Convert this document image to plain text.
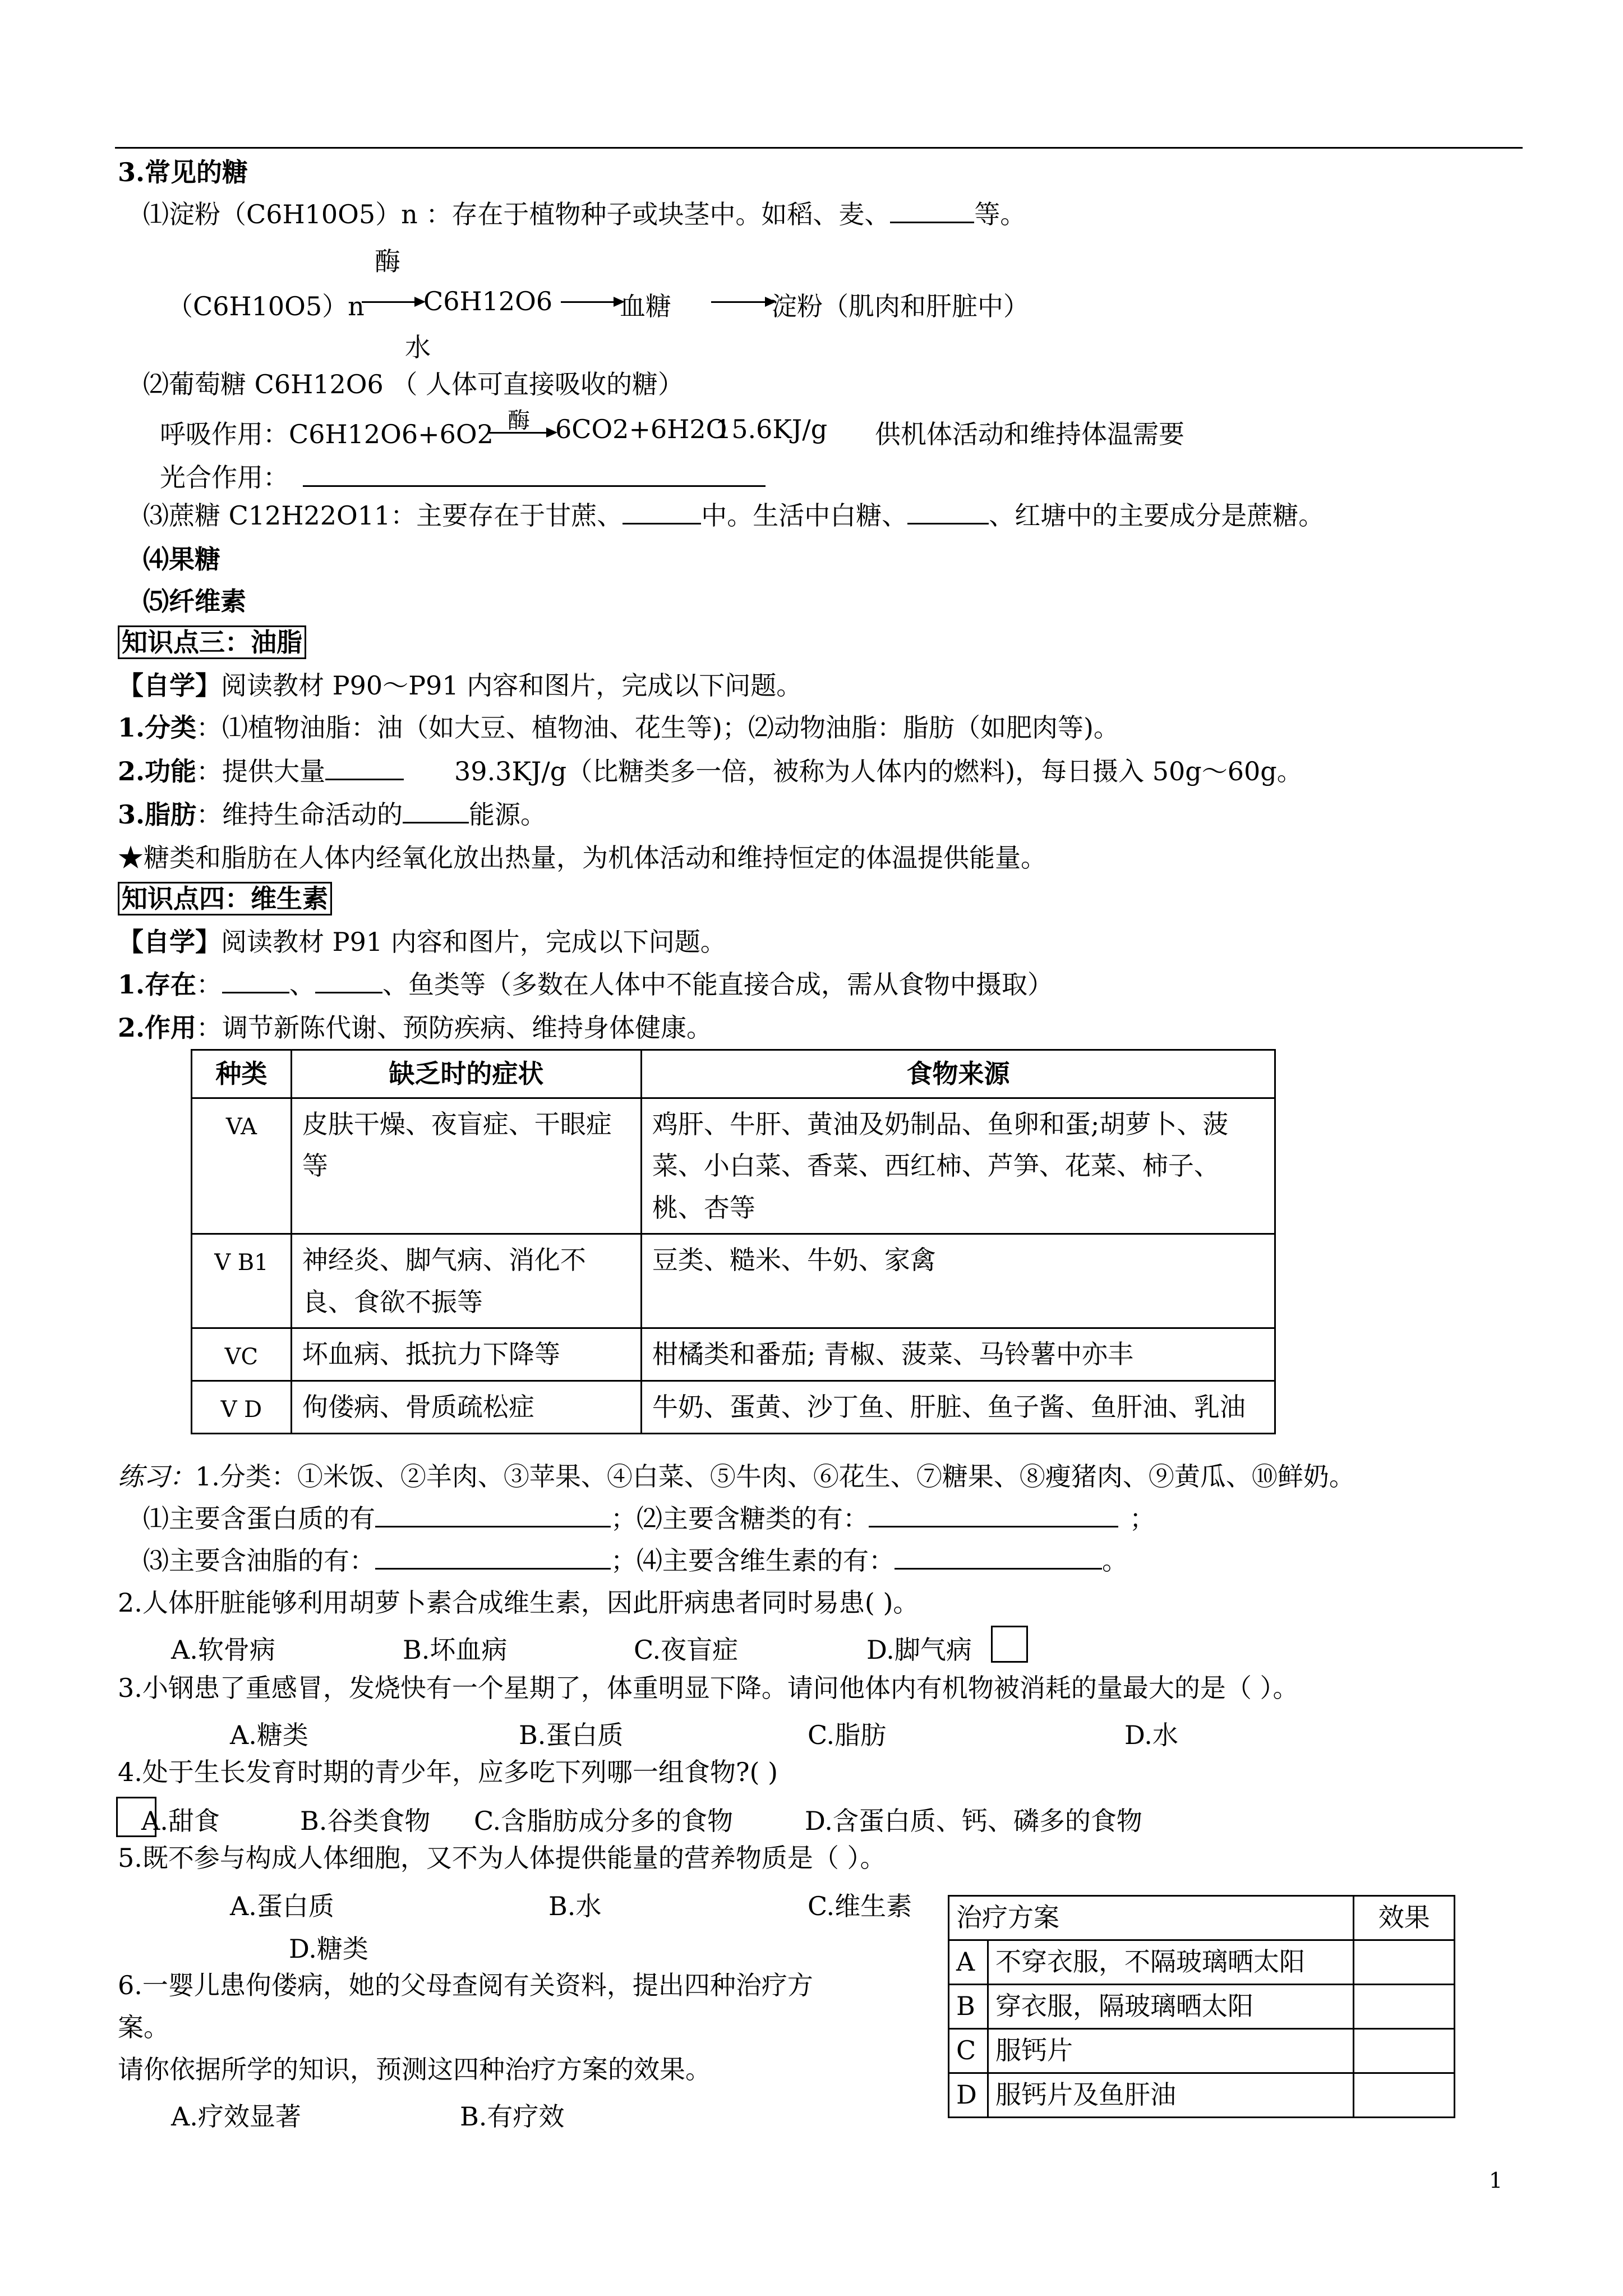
3.常见的糖
⑴淀粉（C6H10O5）n ：存在于植物种子或块茎中。如稻、麦、	等。
酶
（C6H10O5）n C6H12O6	血糖	淀粉（肌肉和肝脏中）
水
⑵葡萄糖 C6H12O6 （ 人体可直接吸收的糖）
呼吸作用：C6H12O6+6O2 酶 6CO2+6H2O
15.6KJ/g 供机体活动和维持体温需要
光合作用：
⑶蔗糖 C12H22O11：主要存在于甘蔗、	中。生活中白糖、	、红塘中的主要成分是蔗糖。
⑷果糖
⑸纤维素
知识点三：油脂
【自学】阅读教材 P90～P91 内容和图片，完成以下问题。
1.分类：⑴植物油脂：油（如大豆、植物油、花生等)；⑵动物油脂：脂肪（如肥肉等)。
2.功能：提供大量	39.3KJ/g（比糖类多一倍，被称为人体内的燃料)，每日摄入 50g～60g。
3.脂肪：维持生命活动的	能源。
★糖类和脂肪在人体内经氧化放出热量，为机体活动和维持恒定的体温提供能量。
知识点四：维生素
【自学】阅读教材 P91 内容和图片，完成以下问题。
1.存在：	、	、鱼类等（多数在人体中不能直接合成，需从食物中摄取）
2.作用：调节新陈代谢、预防疾病、维持身体健康。
种类	缺乏时的症状	食物来源
VA	皮肤干燥、夜盲症、干眼症等	鸡肝、牛肝、黄油及奶制品、鱼卵和蛋;胡萝卜、菠菜、小白菜、香菜、西红柿、芦笋、花菜、柿子、桃、杏等
V B1	神经炎、脚气病、消化不良、食欲不振等	豆类、糙米、牛奶、家禽
VC	坏血病、抵抗力下降等	柑橘类和番茄; 青椒、菠菜、马铃薯中亦丰
V D	佝偻病、骨质疏松症	牛奶、蛋黄、沙丁鱼、肝脏、鱼子酱、鱼肝油、乳油
练习：1.分类：①米饭、②羊肉、③苹果、④白菜、⑤牛肉、⑥花生、⑦糖果、⑧瘦猪肉、⑨黄瓜、⑩鲜奶。
⑴主要含蛋白质的有	；⑵主要含糖类的有：	；
⑶主要含油脂的有：	；⑷主要含维生素的有：	。
2.人体肝脏能够利用胡萝卜素合成维生素，因此肝病患者同时易患( )。
A.软骨病	B.坏血病	C.夜盲症	D.脚气病
3.小钢患了重感冒，发烧快有一个星期了，体重明显下降。请问他体内有机物被消耗的量最大的是（ ）。
A.糖类	B.蛋白质	C.脂肪	D.水
4.处于生长发育时期的青少年，应多吃下列哪一组食物?( )
A.甜食	B.谷类食物 C.含脂肪成分多的食物	D.含蛋白质、钙、磷多的食物
5.既不参与构成人体细胞，又不为人体提供能量的营养物质是（ ）。
A.蛋白质	B.水	C.维生素
D.糖类
6.一婴儿患佝偻病，她的父母查阅有关资料，提出四种治疗方
案。
请你依据所学的知识，预测这四种治疗方案的效果。
A.疗效显著	B.有疗效
治疗方案		效果
A	不穿衣服，不隔玻璃晒太阳	
B	穿衣服，隔玻璃晒太阳	
C	服钙片	
D	服钙片及鱼肝油	
1
